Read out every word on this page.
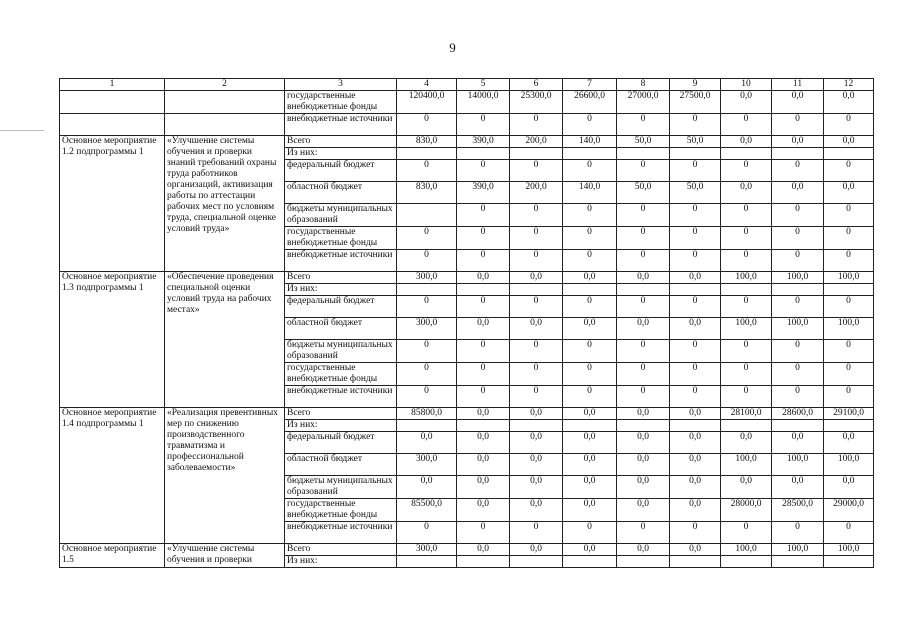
9
1	2	3	4	5	6	7	8	9	10	11	12
		государственные внебюджетные фонды	120400,0	14000,0	25300,0	26600,0	27000,0	27500,0	0,0	0,0	0,0
		внебюджетные источники	0	0	0	0	0	0	0	0	0
Основное мероприятие 1.2 подпрограммы 1	«Улучшение системы обучения и проверки знаний требований охраны труда работников организаций, активизация работы по аттестации рабочих мест по условиям труда, специальной оценке условий труда»	Всего	830,0	390,0	200,0	140,0	50,0	50,0	0,0	0,0	0,0
		Из них:									
		федеральный бюджет	0	0	0	0	0	0	0	0	0
		областной бюджет	830,0	390,0	200,0	140,0	50,0	50,0	0,0	0,0	0,0
		бюджеты муниципальных образований		0	0	0	0	0	0	0	0
		государственные внебюджетные фонды	0	0	0	0	0	0	0	0	0
		внебюджетные источники	0	0	0	0	0	0	0	0	0
Основное мероприятие 1.3 подпрограммы 1	«Обеспечение проведения специальной оценки условий труда на рабочих местах»	Всего	300,0	0,0	0,0	0,0	0,0	0,0	100,0	100,0	100,0
		Из них:									
		федеральный бюджет	0	0	0	0	0	0	0	0	0
		областной бюджет	300,0	0,0	0,0	0,0	0,0	0,0	100,0	100,0	100,0
		бюджеты муниципальных образований	0	0	0	0	0	0	0	0	0
		государственные внебюджетные фонды	0	0	0	0	0	0	0	0	0
		внебюджетные источники	0	0	0	0	0	0	0	0	0
Основное мероприятие 1.4 подпрограммы 1	«Реализация превентивных мер по снижению производственного травматизма и профессиональной заболеваемости»	Всего	85800,0	0,0	0,0	0,0	0,0	0,0	28100,0	28600,0	29100,0
		Из них:									
		федеральный бюджет	0,0	0,0	0,0	0,0	0,0	0,0	0,0	0,0	0,0
		областной бюджет	300,0	0,0	0,0	0,0	0,0	0,0	100,0	100,0	100,0
		бюджеты муниципальных образований	0,0	0,0	0,0	0,0	0,0	0,0	0,0	0,0	0,0
		государственные внебюджетные фонды	85500,0	0,0	0,0	0,0	0,0	0,0	28000,0	28500,0	29000,0
		внебюджетные источники	0	0	0	0	0	0	0	0	0
Основное мероприятие 1.5	«Улучшение системы обучения и проверки	Всего	300,0	0,0	0,0	0,0	0,0	0,0	100,0	100,0	100,0
		Из них:									
